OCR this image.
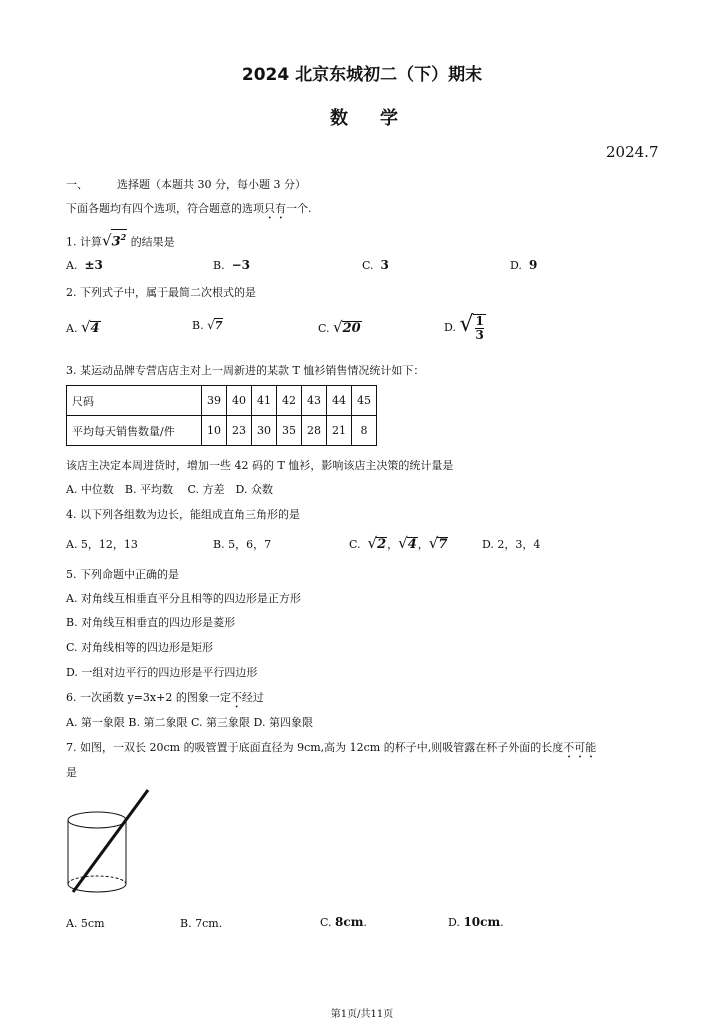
2024 北京东城初二（下）期末
数学
2024.7
一、	选择题（本题共 30 分，每小题 3 分）
下面各题均有四个选项，符合题意的选项只有一个.
1. 计算$√3^2$ 的结果是
A. ±3	B. −3	C. 3	D. 9
2. 下列式子中，属于最简二次根式的是
A. √4	B. √7	C. √20	D. √ $\frac{1}{3}$
3. 某运动品牌专营店店主对上一周新进的某款 T 恤衫销售情况统计如下：
尺码	39	40	41	42	43	44	45
平均每天销售数量/件	10	23	30	35	28	21	8
该店主决定本周进货时，增加一些 42 码的 T 恤衫，影响该店主决策的统计量是
A. 中位数　B. 平均数　 C. 方差　D. 众数
4. 以下列各组数为边长，能组成直角三角形的是
A. 5，12，13	B. 5，6，7	C. √2，√4，√7	D. 2，3，4
5. 下列命题中正确的是
A. 对角线互相垂直平分且相等的四边形是正方形
B. 对角线互相垂直的四边形是菱形
C. 对角线相等的四边形是矩形
D. 一组对边平行的四边形是平行四边形
6. 一次函数 y=3x+2 的图象一定不经过
A. 第一象限 B. 第二象限 C. 第三象限 D. 第四象限
7. 如图，一双长 20cm 的吸管置于底面直径为 9cm,高为 12cm 的杯子中,则吸管露在杯子外面的长度不可能
是
A. 5cm	B. 7cm.	C. 8cm.	D. 10cm.
第1页/共11页
